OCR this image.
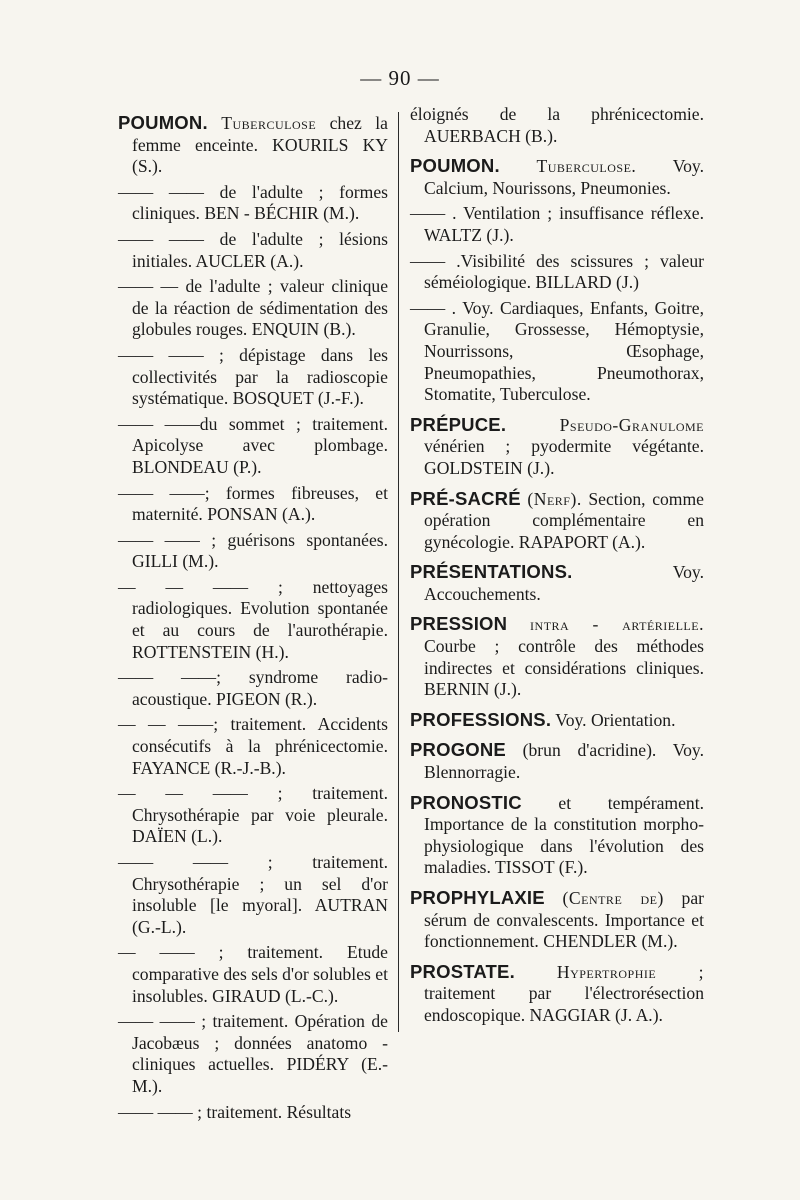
— 90 —

POUMON. Tuberculose chez la femme enceinte. KOURILS KY (S.).

—— —— de l'adulte ; formes cliniques. BEN - BÉCHIR (M.).

—— —— de l'adulte ; lésions initiales. AUCLER (A.).

—— — de l'adulte ; valeur clinique de la réaction de sédimentation des globules rouges. ENQUIN (B.).

—— —— ; dépistage dans les collectivités par la radioscopie systématique. BOSQUET (J.-F.).

—— ——du sommet ; traitement. Apicolyse avec plombage. BLONDEAU (P.).

—— ——; formes fibreuses, et maternité. PONSAN (A.).

—— —— ; guérisons spontanées. GILLI (M.).

— — —— ; nettoyages radiologiques. Evolution spontanée et au cours de l'aurothérapie. ROTTENSTEIN (H.).

—— ——; syndrome radio-acoustique. PIGEON (R.).

— — ——; traitement. Accidents consécutifs à la phrénicectomie. FAYANCE (R.-J.-B.).

— — —— ; traitement. Chrysothérapie par voie pleurale. DAÏEN (L.).

—— —— ; traitement. Chrysothérapie ; un sel d'or insoluble [le myoral]. AUTRAN (G.-L.).

— —— ; traitement. Etude comparative des sels d'or solubles et insolubles. GIRAUD (L.-C.).

—— —— ; traitement. Opération de Jacobæus ; données anatomo - cliniques actuelles. PIDÉRY (E.-M.).

—— —— ; traitement. Résultats

éloignés de la phrénicectomie. AUERBACH (B.).

POUMON. Tuberculose. Voy. Calcium, Nourissons, Pneumonies.

—— . Ventilation ; insuffisance réflexe. WALTZ (J.).

—— .Visibilité des scissures ; valeur séméiologique. BILLARD (J.)

—— . Voy. Cardiaques, Enfants, Goitre, Granulie, Grossesse, Hémoptysie, Nourrissons, Œsophage, Pneumopathies, Pneumothorax, Stomatite, Tuberculose.

PRÉPUCE.	Pseudo-Granulome vénérien ; pyodermite végétante. GOLDSTEIN (J.).

PRÉ-SACRÉ (Nerf). Section, comme opération complémentaire en gynécologie. RAPAPORT (A.).

PRÉSENTATIONS.	Voy. Accouchements.

PRESSION intra - artérielle. Courbe ; contrôle des méthodes indirectes et considérations cliniques. BERNIN (J.).

PROFESSIONS. Voy. Orientation.

PROGONE (brun d'acridine). Voy. Blennorragie.

PRONOSTIC et tempérament. Importance de la constitution morpho-physiologique dans l'évolution des maladies. TISSOT (F.).

PROPHYLAXIE (Centre de) par sérum de convalescents. Importance et fonctionnement. CHENDLER (M.).

PROSTATE. Hypertrophie ; traitement par l'électrorésection endoscopique. NAGGIAR (J. A.).
